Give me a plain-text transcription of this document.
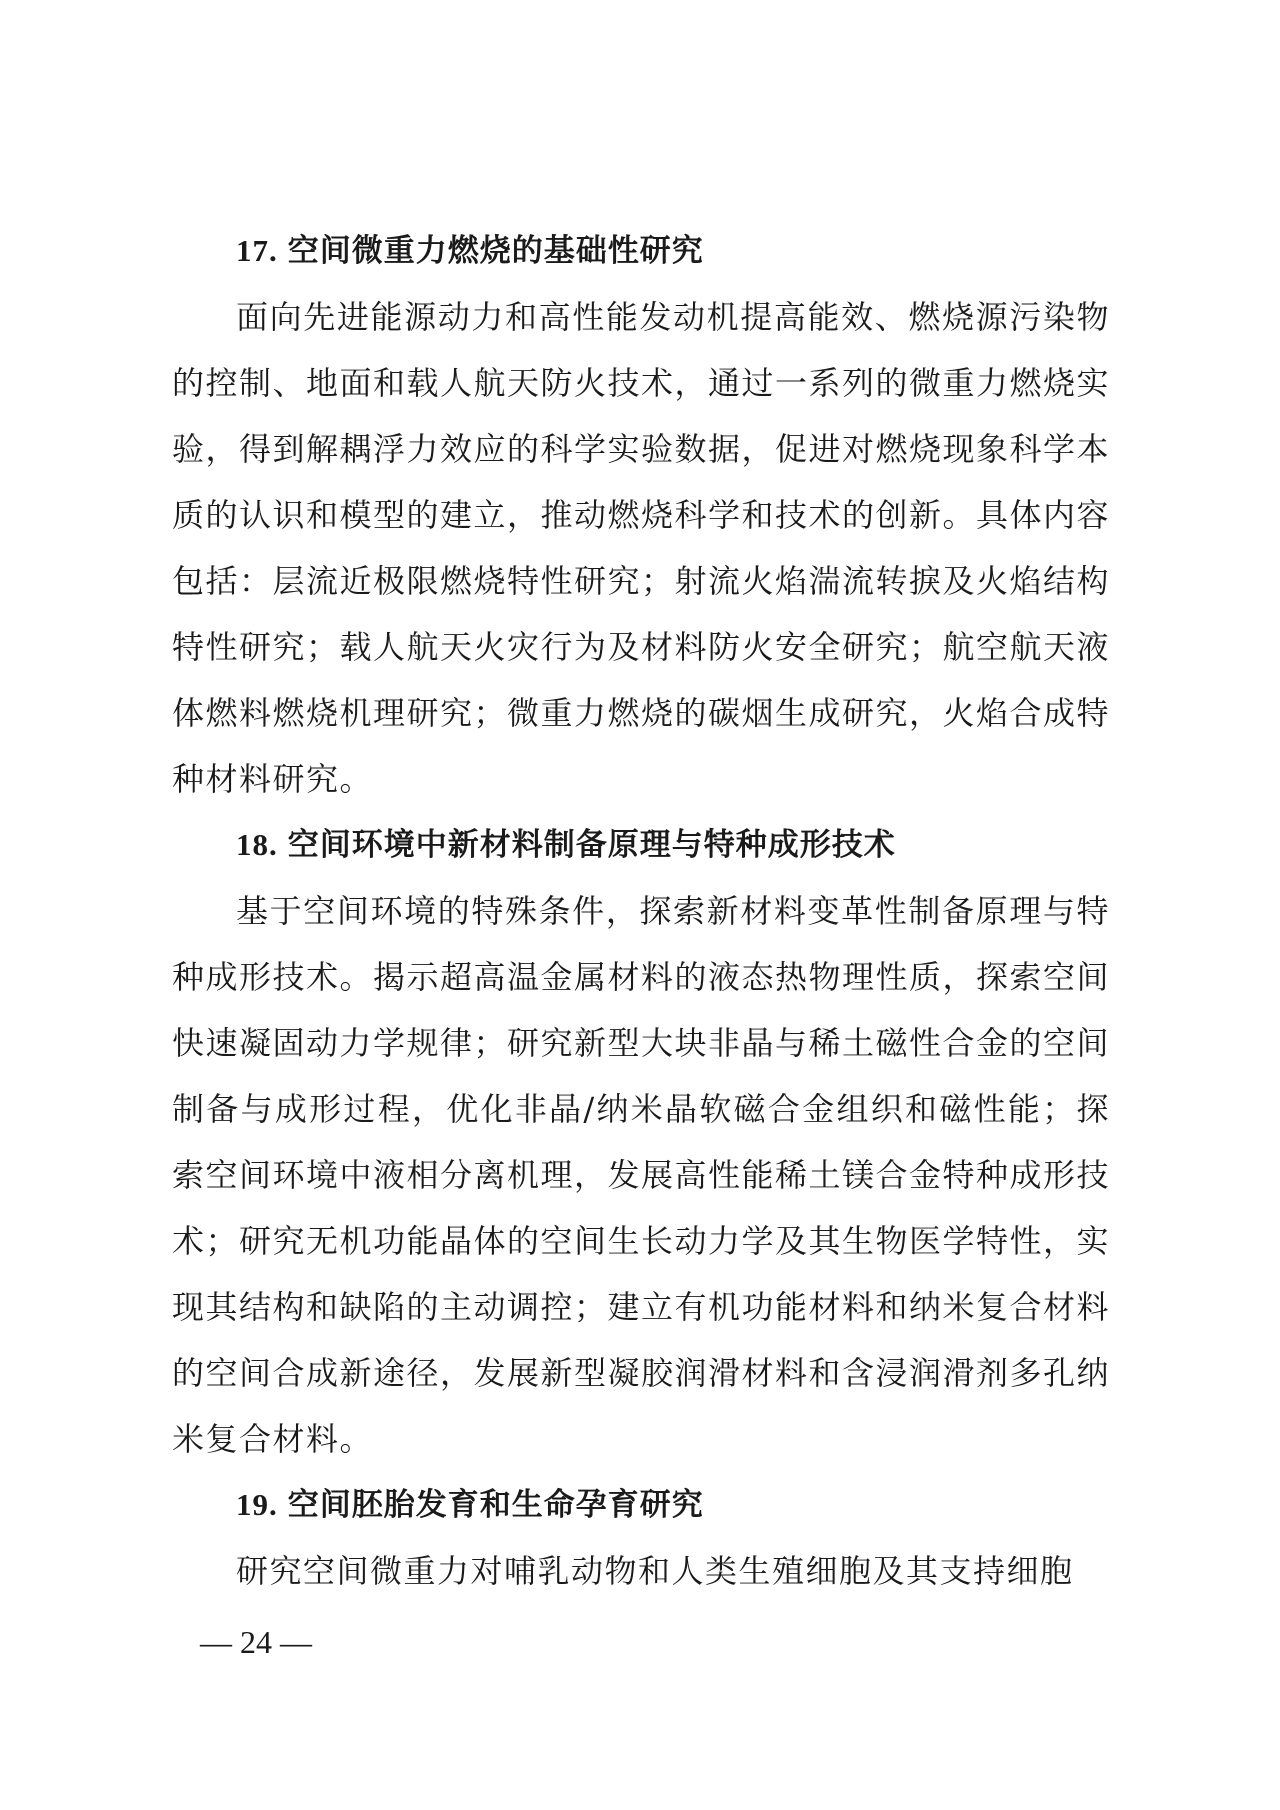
17. 空间微重力燃烧的基础性研究

面向先进能源动力和高性能发动机提高能效、燃烧源污染物的控制、地面和载人航天防火技术，通过一系列的微重力燃烧实验，得到解耦浮力效应的科学实验数据，促进对燃烧现象科学本质的认识和模型的建立，推动燃烧科学和技术的创新。具体内容包括：层流近极限燃烧特性研究；射流火焰湍流转捩及火焰结构特性研究；载人航天火灾行为及材料防火安全研究；航空航天液体燃料燃烧机理研究；微重力燃烧的碳烟生成研究，火焰合成特种材料研究。

18. 空间环境中新材料制备原理与特种成形技术

基于空间环境的特殊条件，探索新材料变革性制备原理与特种成形技术。揭示超高温金属材料的液态热物理性质，探索空间快速凝固动力学规律；研究新型大块非晶与稀土磁性合金的空间制备与成形过程，优化非晶/纳米晶软磁合金组织和磁性能；探索空间环境中液相分离机理，发展高性能稀土镁合金特种成形技术；研究无机功能晶体的空间生长动力学及其生物医学特性，实现其结构和缺陷的主动调控；建立有机功能材料和纳米复合材料的空间合成新途径，发展新型凝胶润滑材料和含浸润滑剂多孔纳米复合材料。

19. 空间胚胎发育和生命孕育研究

研究空间微重力对哺乳动物和人类生殖细胞及其支持细胞

— 24 —
